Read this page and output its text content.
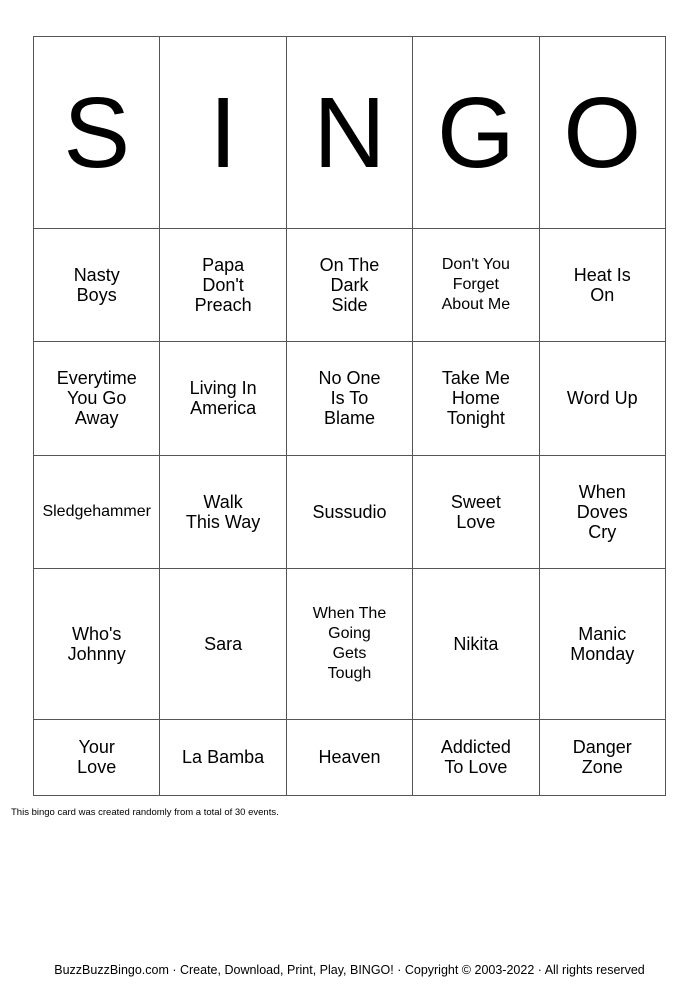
S	I	N	G	O

Nasty
Boys	Papa
Don't
Preach	On The
Dark
Side	Don't You
Forget
About Me	Heat Is
On

Everytime
You Go
Away	Living In
America	No One
Is To
Blame	Take Me
Home
Tonight	Word Up

Sledgehammer	Walk
This Way	Sussudio	Sweet
Love	When
Doves
Cry

Who's
Johnny	Sara	When The
Going
Gets
Tough	Nikita	Manic
Monday

Your
Love	La Bamba	Heaven	Addicted
To Love	Danger
Zone
This bingo card was created randomly from a total of 30 events.
BuzzBuzzBingo.com · Create, Download, Print, Play, BINGO! · Copyright © 2003-2022 · All rights reserved
